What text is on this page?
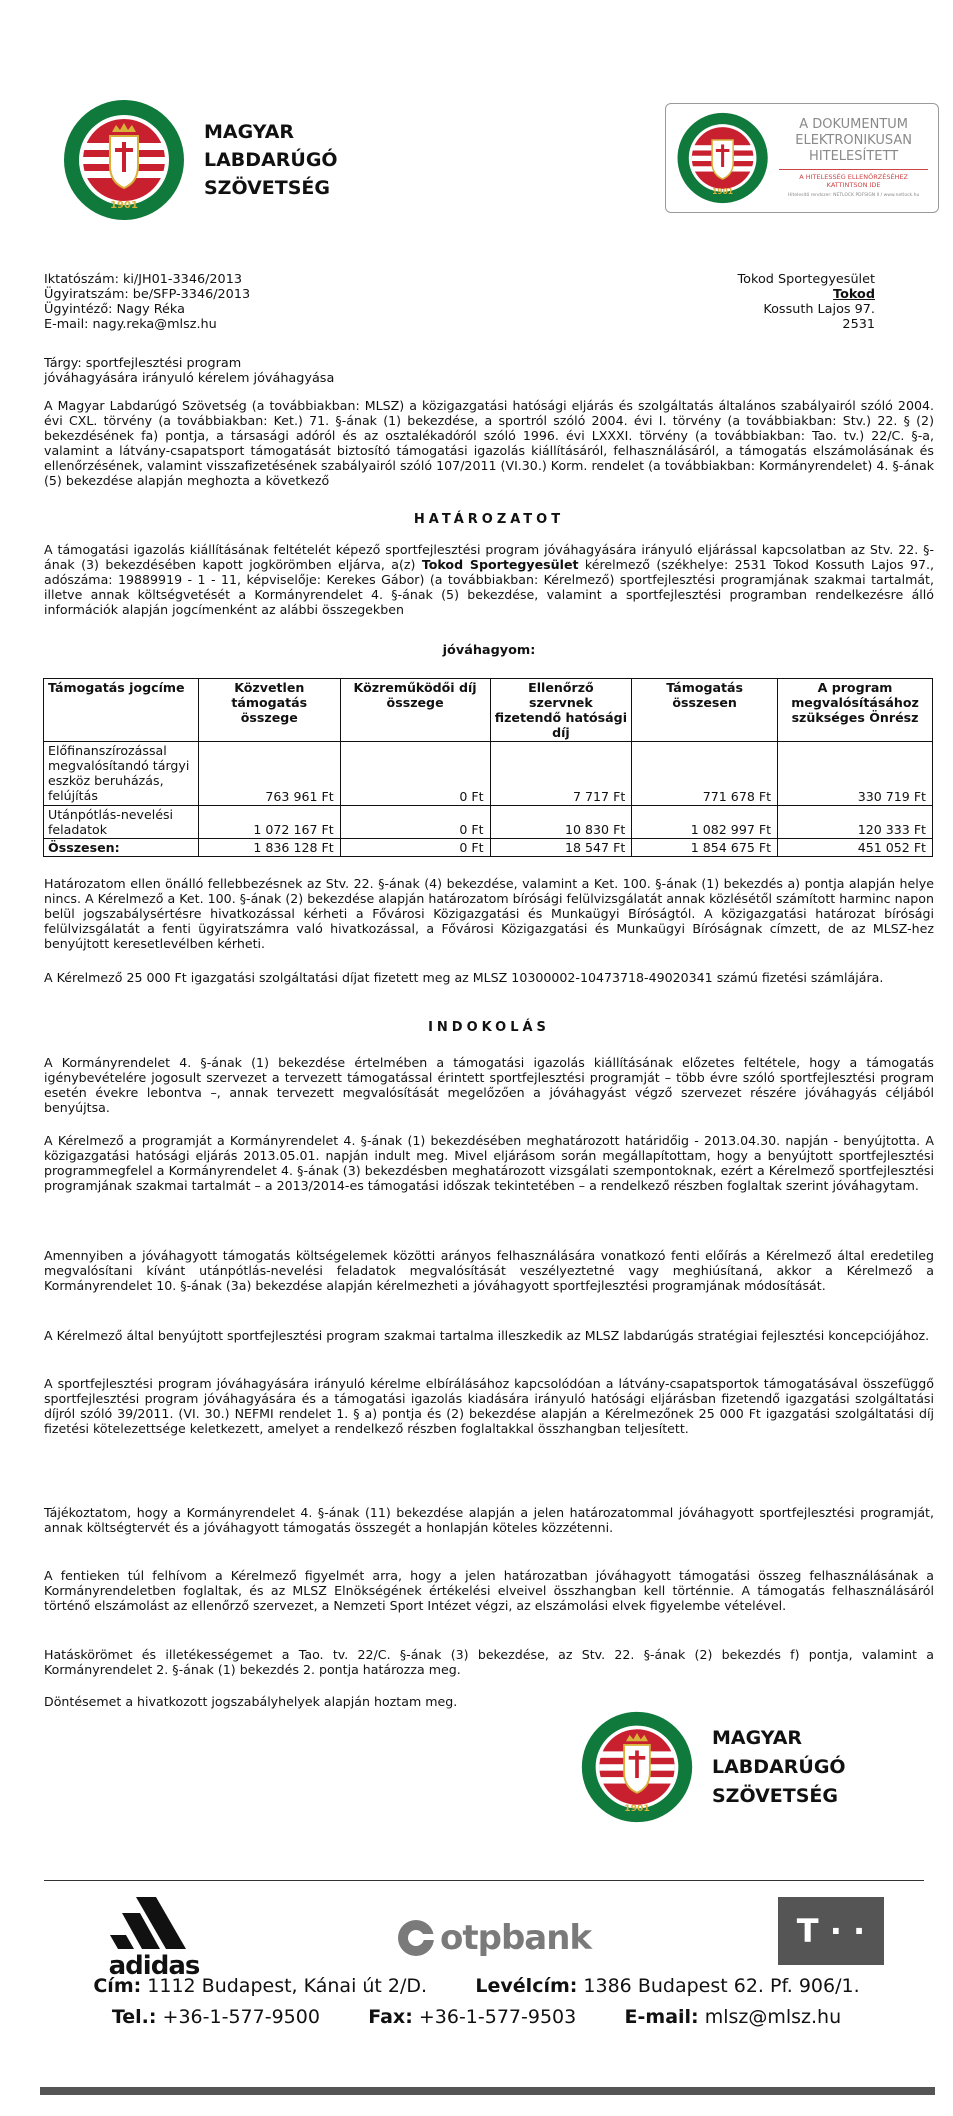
1901
MAGYAR
LABDARÚGÓ
SZÖVETSÉG	1901
A DOKUMENTUM
ELEKTRONIKUSAN
HITELESÍTETT
A HITELESSÉG ELLENŐRZÉSÉHEZ
KATTINTSON IDE
Hitelesítő rendszer: NETLOCK PDFSIGN II / www.netlock.hu
Iktatószám: ki/JH01-3346/2013
Ügyiratszám: be/SFP-3346/2013
Ügyintéző: Nagy Réka
E-mail: nagy.reka@mlsz.hu
Tokod Sportegyesület
Tokod
Kossuth Lajos 97.
2531
Tárgy: sportfejlesztési program
jóváhagyására irányuló kérelem jóváhagyása
A Magyar Labdarúgó Szövetség (a továbbiakban: MLSZ) a közigazgatási hatósági eljárás és szolgáltatás általános szabályairól szóló 2004. évi CXL. törvény (a továbbiakban: Ket.) 71. §-ának (1) bekezdése, a sportról szóló 2004. évi I. törvény (a továbbiakban: Stv.) 22. § (2) bekezdésének fa) pontja, a társasági adóról és az osztalékadóról szóló 1996. évi LXXXI. törvény (a továbbiakban: Tao. tv.) 22/C. §-a, valamint a látvány-csapatsport támogatását biztosító támogatási igazolás kiállításáról, felhasználásáról, a támogatás elszámolásának és ellenőrzésének, valamint visszafizetésének szabályairól szóló 107/2011 (VI.30.) Korm. rendelet (a továbbiakban: Kormányrendelet) 4. §-ának (5) bekezdése alapján meghozta a következő
HATÁROZATOT
A támogatási igazolás kiállításának feltételét képező sportfejlesztési program jóváhagyására irányuló eljárással kapcsolatban az Stv. 22. §-ának (3) bekezdésében kapott jogkörömben eljárva, a(z) Tokod Sportegyesület kérelmező (székhelye: 2531 Tokod Kossuth Lajos 97., adószáma: 19889919 - 1 - 11, képviselője: Kerekes Gábor) (a továbbiakban: Kérelmező) sportfejlesztési programjának szakmai tartalmát, illetve annak költségvetését a Kormányrendelet 4. §-ának (5) bekezdése, valamint a sportfejlesztési programban rendelkezésre álló információk alapján jogcímenként az alábbi összegekben
jóváhagyom:
Támogatás jogcíme	Közvetlen támogatás összege	Közreműködői díj összege	Ellenőrző szervnek fizetendő hatósági díj	Támogatás összesen	A program megvalósításához szükséges Önrész
Előfinanszírozással megvalósítandó tárgyi eszköz beruházás, felújítás	763 961 Ft	0 Ft	7 717 Ft	771 678 Ft	330 719 Ft
Utánpótlás-nevelési feladatok	1 072 167 Ft	0 Ft	10 830 Ft	1 082 997 Ft	120 333 Ft
Összesen:	1 836 128 Ft	0 Ft	18 547 Ft	1 854 675 Ft	451 052 Ft
Határozatom ellen önálló fellebbezésnek az Stv. 22. §-ának (4) bekezdése, valamint a Ket. 100. §-ának (1) bekezdés a) pontja alapján helye nincs. A Kérelmező a Ket. 100. §-ának (2) bekezdése alapján határozatom bírósági felülvizsgálatát annak közlésétől számított harminc napon belül jogszabálysértésre hivatkozással kérheti a Fővárosi Közigazgatási és Munkaügyi Bíróságtól. A közigazgatási határozat bírósági felülvizsgálatát a fenti ügyiratszámra való hivatkozással, a Fővárosi Közigazgatási és Munkaügyi Bíróságnak címzett, de az MLSZ-hez benyújtott keresetlevélben kérheti.
A Kérelmező 25 000 Ft igazgatási szolgáltatási díjat fizetett meg az MLSZ 10300002-10473718-49020341 számú fizetési számlájára.
INDOKOLÁS
A Kormányrendelet 4. §-ának (1) bekezdése értelmében a támogatási igazolás kiállításának előzetes feltétele, hogy a támogatás igénybevételére jogosult szervezet a tervezett támogatással érintett sportfejlesztési programját – több évre szóló sportfejlesztési program esetén évekre lebontva –, annak tervezett megvalósítását megelőzően a jóváhagyást végző szervezet részére jóváhagyás céljából benyújtsa.
A Kérelmező a programját a Kormányrendelet 4. §-ának (1) bekezdésében meghatározott határidőig - 2013.04.30. napján - benyújtotta. A közigazgatási hatósági eljárás 2013.05.01. napján indult meg. Mivel eljárásom során megállapítottam, hogy a benyújtott sportfejlesztési programmegfelel a Kormányrendelet 4. §-ának (3) bekezdésben meghatározott vizsgálati szempontoknak, ezért a Kérelmező sportfejlesztési programjának szakmai tartalmát – a 2013/2014-es támogatási időszak tekintetében – a rendelkező részben foglaltak szerint jóváhagytam.
Amennyiben a jóváhagyott támogatás költségelemek közötti arányos felhasználására vonatkozó fenti előírás a Kérelmező által eredetileg megvalósítani kívánt utánpótlás-nevelési feladatok megvalósítását veszélyeztetné vagy meghiúsítaná, akkor a Kérelmező a Kormányrendelet 10. §-ának (3a) bekezdése alapján kérelmezheti a jóváhagyott sportfejlesztési programjának módosítását.
A Kérelmező által benyújtott sportfejlesztési program szakmai tartalma illeszkedik az MLSZ labdarúgás stratégiai fejlesztési koncepciójához.
A sportfejlesztési program jóváhagyására irányuló kérelme elbírálásához kapcsolódóan a látvány-csapatsportok támogatásával összefüggő sportfejlesztési program jóváhagyására és a támogatási igazolás kiadására irányuló hatósági eljárásban fizetendő igazgatási szolgáltatási díjról szóló 39/2011. (VI. 30.) NEFMI rendelet 1. § a) pontja és (2) bekezdése alapján a Kérelmezőnek 25 000 Ft igazgatási szolgáltatási díj fizetési kötelezettsége keletkezett, amelyet a rendelkező részben foglaltakkal összhangban teljesített.
Tájékoztatom, hogy a Kormányrendelet 4. §-ának (11) bekezdése alapján a jelen határozatommal jóváhagyott sportfejlesztési programját, annak költségtervét és a jóváhagyott támogatás összegét a honlapján köteles közzétenni.
A fentieken túl felhívom a Kérelmező figyelmét arra, hogy a jelen határozatban jóváhagyott támogatási összeg felhasználásának a Kormányrendeletben foglaltak, és az MLSZ Elnökségének értékelési elveivel összhangban kell történnie. A támogatás felhasználásáról történő elszámolást az ellenőrző szervezet, a Nemzeti Sport Intézet végzi, az elszámolási elvek figyelembe vételével.
Hatáskörömet és illetékességemet a Tao. tv. 22/C. §-ának (3) bekezdése, az Stv. 22. §-ának (2) bekezdés f) pontja, valamint a Kormányrendelet 2. §-ának (1) bekezdés 2. pontja határozza meg.
Döntésemet a hivatkozott jogszabályhelyek alapján hoztam meg.
1901
MAGYAR
LABDARÚGÓ
SZÖVETSÉG
adidas
otpbank	T · ·
Cím: 1112 Budapest, Kánai út 2/D.	Levélcím: 1386 Budapest 62. Pf. 906/1.
Tel.: +36-1-577-9500	Fax: +36-1-577-9503	E-mail: mlsz@mlsz.hu
